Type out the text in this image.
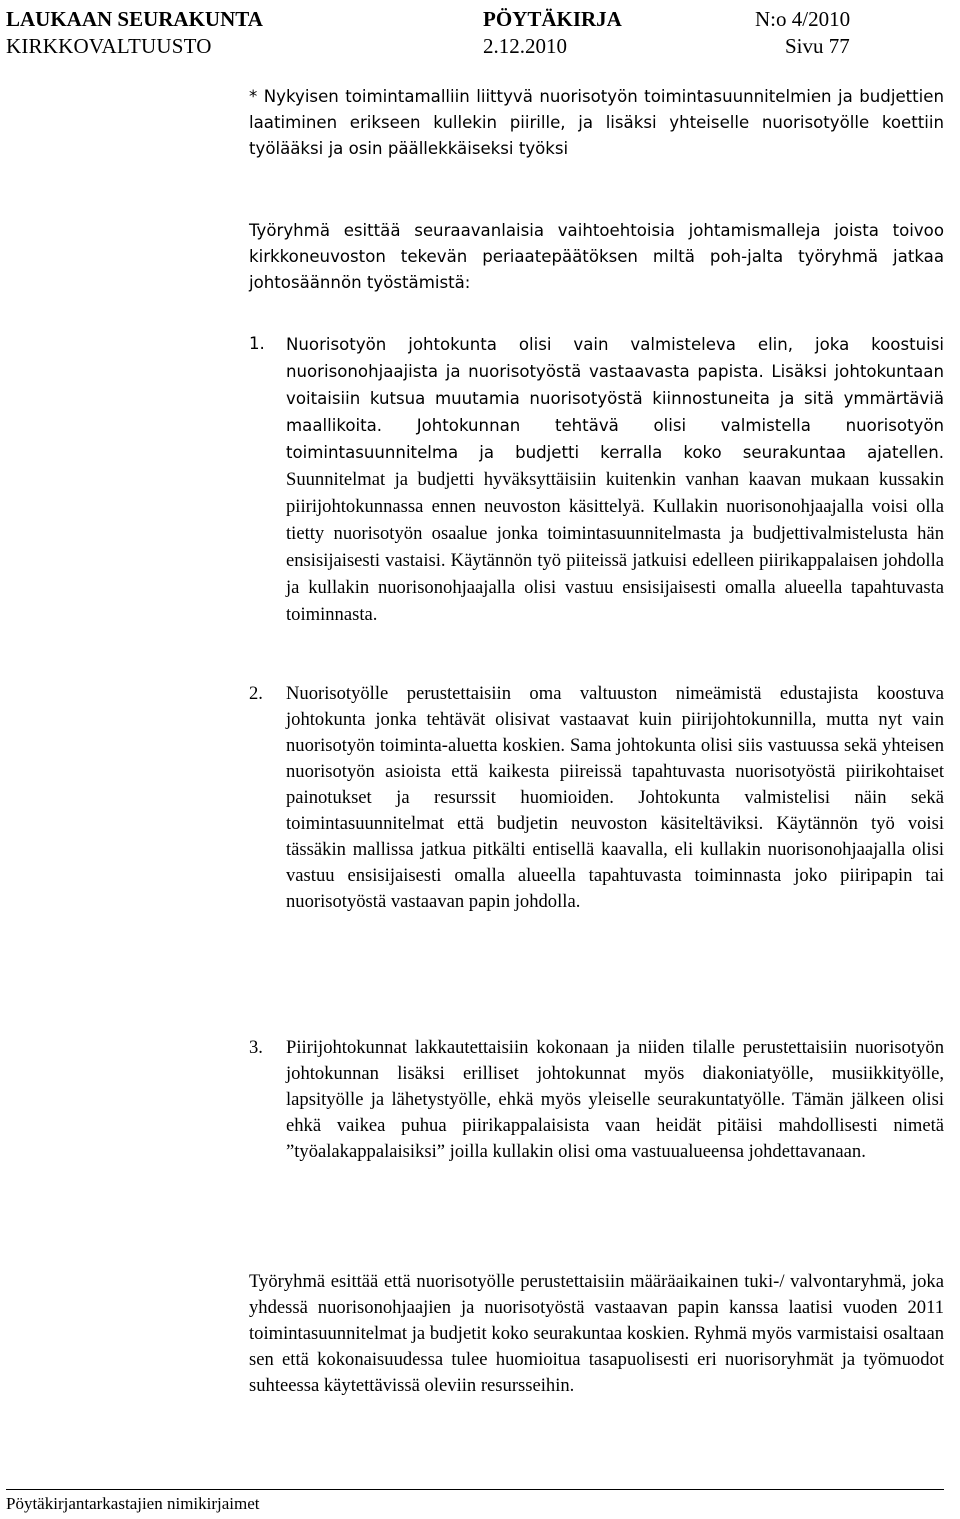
LAUKAAN SEURAKUNTA	PÖYTÄKIRJA	N:o 4/2010
KIRKKOVALTUUSTO	2.12.2010	Sivu 77

* Nykyisen toimintamalliin liittyvä nuorisotyön toimintasuunnitelmien ja budjettien laatiminen erikseen kullekin piirille, ja lisäksi yhteiselle nuorisotyölle koettiin työlääksi ja osin päällekkäiseksi työksi

Työryhmä esittää seuraavanlaisia vaihtoehtoisia johtamismalleja joista toivoo kirkkoneuvoston tekevän periaatepäätöksen miltä poh-jalta työryhmä jatkaa johtosäännön työstämistä:

1.	Nuorisotyön johtokunta olisi vain valmisteleva elin, joka koostuisi nuorisonohjaajista ja nuorisotyöstä vastaavasta papista. Lisäksi johtokuntaan voitaisiin kutsua muutamia nuorisotyöstä kiinnostuneita ja sitä ymmärtäviä maallikoita. Johtokunnan tehtävä olisi valmistella nuorisotyön toimintasuunnitelma ja budjetti kerralla koko seurakuntaa ajatellen. Suunnitelmat ja budjetti hyväksyttäisiin kuitenkin vanhan kaavan mukaan kussakin piirijohtokunnassa ennen neuvoston käsittelyä. Kullakin nuorisonohjaajalla voisi olla tietty nuorisotyön osaalue jonka toimintasuunnitelmasta ja budjettivalmistelusta hän ensisijaisesti vastaisi. Käytännön työ piiteissä jatkuisi edelleen piirikappalaisen johdolla ja kullakin nuorisonohjaajalla olisi vastuu ensisijaisesti omalla alueella tapahtuvasta toiminnasta.
2.	Nuorisotyölle perustettaisiin oma valtuuston nimeämistä edustajista koostuva johtokunta jonka tehtävät olisivat vastaavat kuin piirijohtokunnilla, mutta nyt vain nuorisotyön toiminta-aluetta koskien. Sama johtokunta olisi siis vastuussa sekä yhteisen nuorisotyön asioista että kaikesta piireissä tapahtuvasta nuorisotyöstä piirikohtaiset painotukset ja resurssit huomioiden. Johtokunta valmistelisi näin sekä toimintasuunnitelmat että budjetin neuvoston käsiteltäviksi. Käytännön työ voisi tässäkin mallissa jatkua pitkälti entisellä kaavalla, eli kullakin nuorisonohjaajalla olisi vastuu ensisijaisesti omalla alueella tapahtuvasta toiminnasta joko piiripapin tai nuorisotyöstä vastaavan papin johdolla.

3.	Piirijohtokunnat lakkautettaisiin kokonaan ja niiden tilalle perustettaisiin nuorisotyön johtokunnan lisäksi erilliset johtokunnat myös diakoniatyölle, musiikkityölle, lapsityölle ja lähetystyölle, ehkä myös yleiselle seurakuntatyölle. Tämän jälkeen olisi ehkä vaikea puhua piirikappalaisista vaan heidät pitäisi mahdollisesti nimetä ”työalakappalaisiksi” joilla kullakin olisi oma vastuualueensa johdettavanaan.

Työryhmä esittää että nuorisotyölle perustettaisiin määräaikainen tuki-/ valvontaryhmä, joka yhdessä nuorisonohjaajien ja nuorisotyöstä vastaavan papin kanssa laatisi vuoden 2011 toimintasuunnitelmat ja budjetit koko seurakuntaa koskien. Ryhmä myös varmistaisi osaltaan sen että kokonaisuudessa tulee huomioitua tasapuolisesti eri nuorisoryhmät ja työmuodot suhteessa käytettävissä oleviin resursseihin.

Pöytäkirjantarkastajien nimikirjaimet
